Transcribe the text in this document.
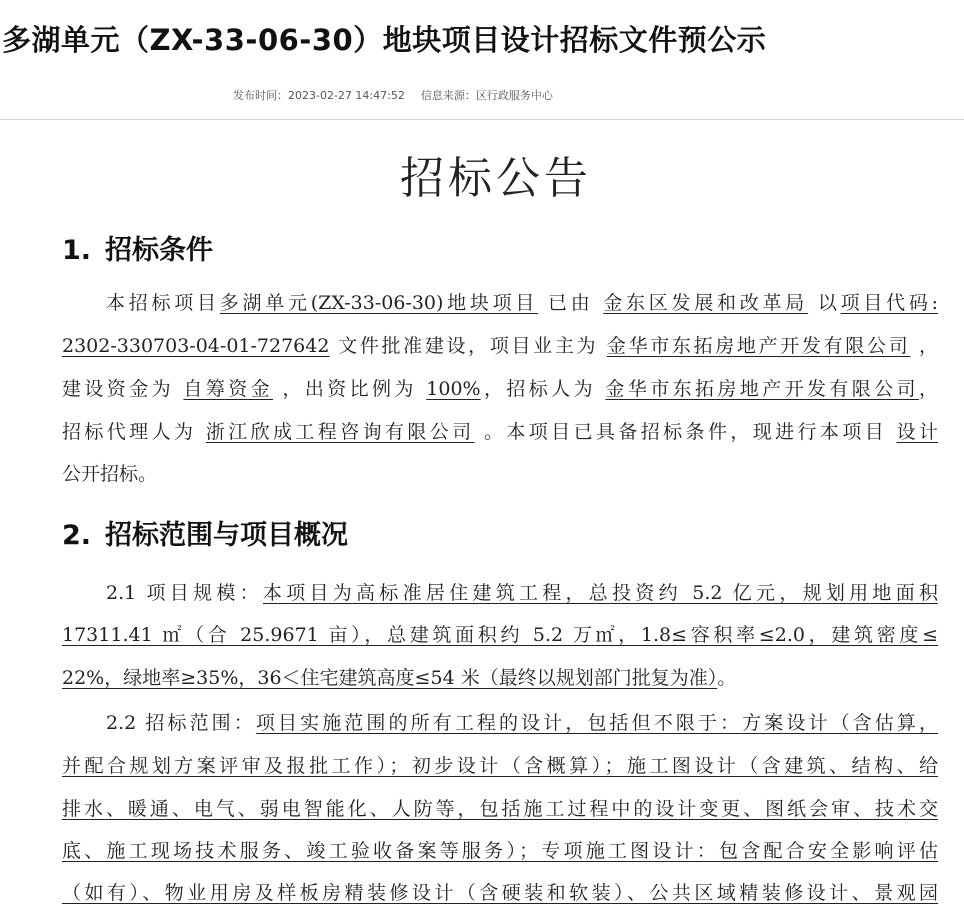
多湖单元（ZX-33-06-30）地块项目设计招标文件预公示
发布时间：2023-02-27 14:47:52 信息来源：区行政服务中心
招标公告
1. 招标条件
本招标项目多湖单元(ZX-33-06-30)地块项目 已由 金东区发展和改革局 以项目代码:
2302-330703-04-01-727642 文件批准建设，项目业主为 金华市东拓房地产开发有限公司 ，
建设资金为 自筹资金 ，出资比例为 100%，招标人为 金华市东拓房地产开发有限公司，
招标代理人为 浙江欣成工程咨询有限公司 。本项目已具备招标条件，现进行本项目 设计
公开招标。
2. 招标范围与项目概况
2.1 项目规模：本项目为高标准居住建筑工程，总投资约 5.2 亿元，规划用地面积
17311.41 ㎡（合 25.9671 亩），总建筑面积约 5.2 万㎡，1.8≤容积率≤2.0，建筑密度≤
22%，绿地率≥35%，36＜住宅建筑高度≤54 米（最终以规划部门批复为准）。
2.2 招标范围：项目实施范围的所有工程的设计，包括但不限于：方案设计（含估算，
并配合规划方案评审及报批工作）；初步设计（含概算）；施工图设计（含建筑、结构、给
排水、暖通、电气、弱电智能化、人防等，包括施工过程中的设计变更、图纸会审、技术交
底、施工现场技术服务、竣工验收备案等服务）；专项施工图设计：包含配合安全影响评估
（如有）、物业用房及样板房精装修设计（含硬装和软装）、公共区域精装修设计、景观园
